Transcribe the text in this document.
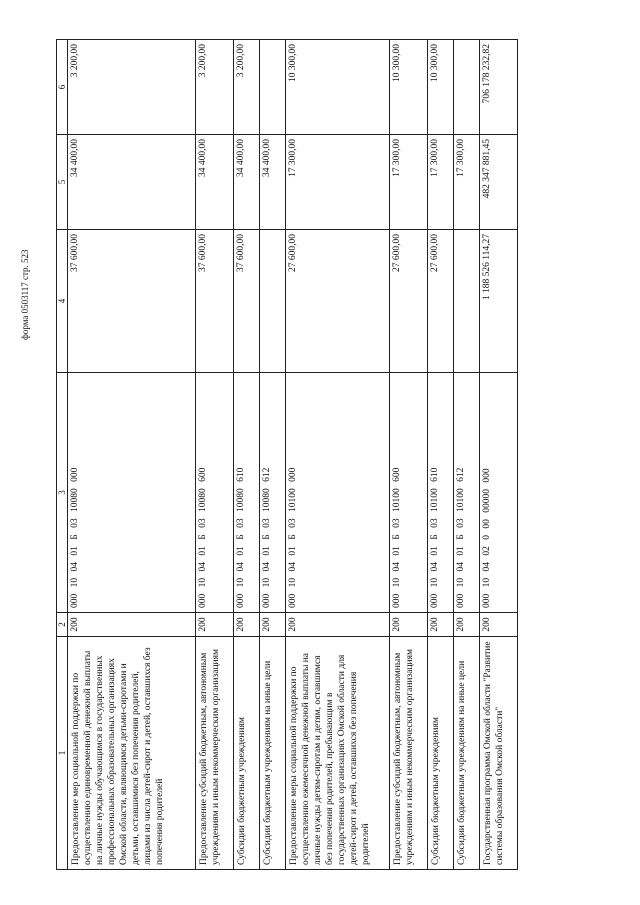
форма 0503117 стр. 523
1	2	3	4	5	6
Предоставление мер социальной поддержки по осуществлению единовременной денежной выплаты на личные нужды обучающимся в государственных профессиональных образовательных организациях Омской области, являющимся детьми-сиротами и детьми, оставшимися без попечения родителей, лицами из числа детей-сирот и детей, оставшихся без попечения родителей	200	000 10 04 01 Б 03 10080 000	37 600,00	34 400,00	3 200,00
Предоставление субсидий бюджетным, автономным учреждениям и иным некоммерческим организациям	200	000 10 04 01 Б 03 10080 600	37 600,00	34 400,00	3 200,00
Субсидии бюджетным учреждениям	200	000 10 04 01 Б 03 10080 610	37 600,00	34 400,00	3 200,00
Субсидии бюджетным учреждениям на иные цели	200	000 10 04 01 Б 03 10080 612		34 400,00	
Предоставление меры социальной поддержки по осуществлению ежемесячной денежной выплаты на личные нужды детям-сиротам и детям, оставшимся без попечения родителей, пребывающим в государственных организациях Омской области для детей-сирот и детей, оставшихся без попечения родителей	200	000 10 04 01 Б 03 10100 000	27 600,00	17 300,00	10 300,00
Предоставление субсидий бюджетным, автономным учреждениям и иным некоммерческим организациям	200	000 10 04 01 Б 03 10100 600	27 600,00	17 300,00	10 300,00
Субсидии бюджетным учреждениям	200	000 10 04 01 Б 03 10100 610	27 600,00	17 300,00	10 300,00
Субсидии бюджетным учреждениям на иные цели	200	000 10 04 01 Б 03 10100 612		17 300,00	
Государственная программа Омской области "Развитие системы образования Омской области"	200	000 10 04 02 0 00 00000 000	1 188 526 114,27	482 347 881,45	706 178 232,82
